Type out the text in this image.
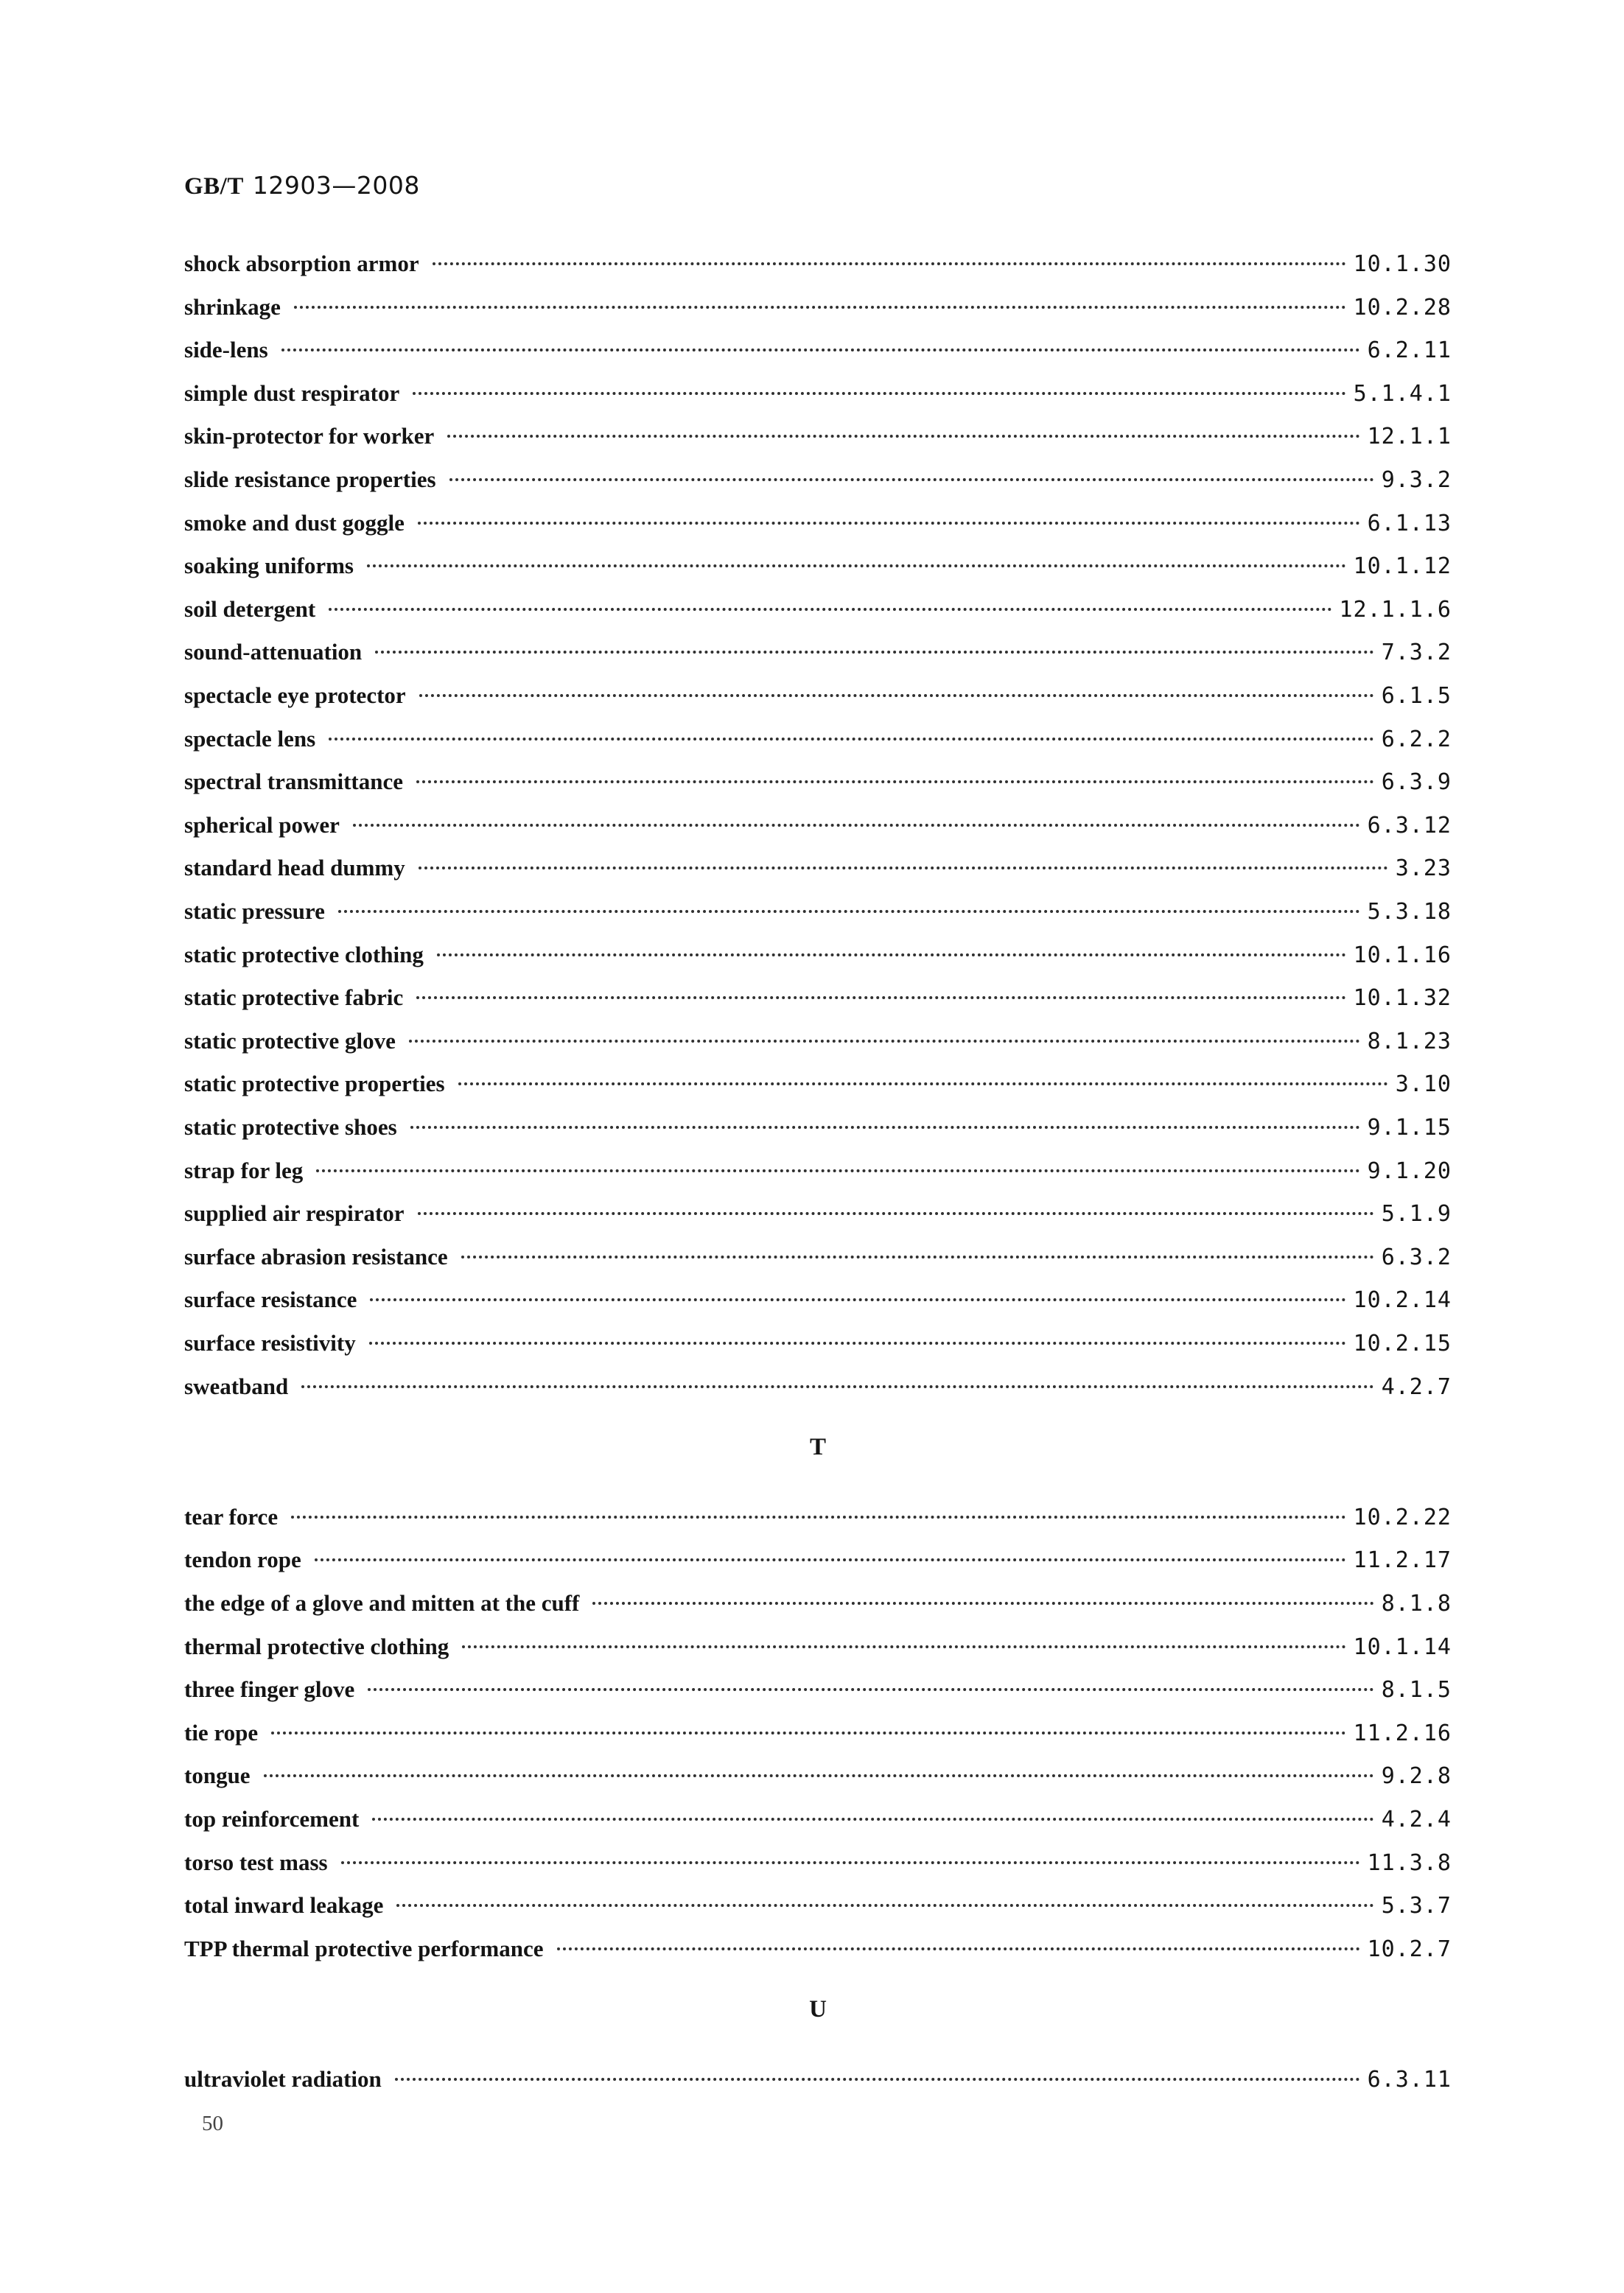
GB/T 12903—2008
shock absorption armor	10.1.30
shrinkage	10.2.28
side-lens	6.2.11
simple dust respirator	5.1.4.1
skin-protector for worker	12.1.1
slide resistance properties	9.3.2
smoke and dust goggle	6.1.13
soaking uniforms	10.1.12
soil detergent	12.1.1.6
sound-attenuation	7.3.2
spectacle eye protector	6.1.5
spectacle lens	6.2.2
spectral transmittance	6.3.9
spherical power	6.3.12
standard head dummy	3.23
static pressure	5.3.18
static protective clothing	10.1.16
static protective fabric	10.1.32
static protective glove	8.1.23
static protective properties	3.10
static protective shoes	9.1.15
strap for leg	9.1.20
supplied air respirator	5.1.9
surface abrasion resistance	6.3.2
surface resistance	10.2.14
surface resistivity	10.2.15
sweatband	4.2.7
T
tear force	10.2.22
tendon rope	11.2.17
the edge of a glove and mitten at the cuff	8.1.8
thermal protective clothing	10.1.14
three finger glove	8.1.5
tie rope	11.2.16
tongue	9.2.8
top reinforcement	4.2.4
torso test mass	11.3.8
total inward leakage	5.3.7
TPP thermal protective performance	10.2.7
U
ultraviolet radiation	6.3.11
50
